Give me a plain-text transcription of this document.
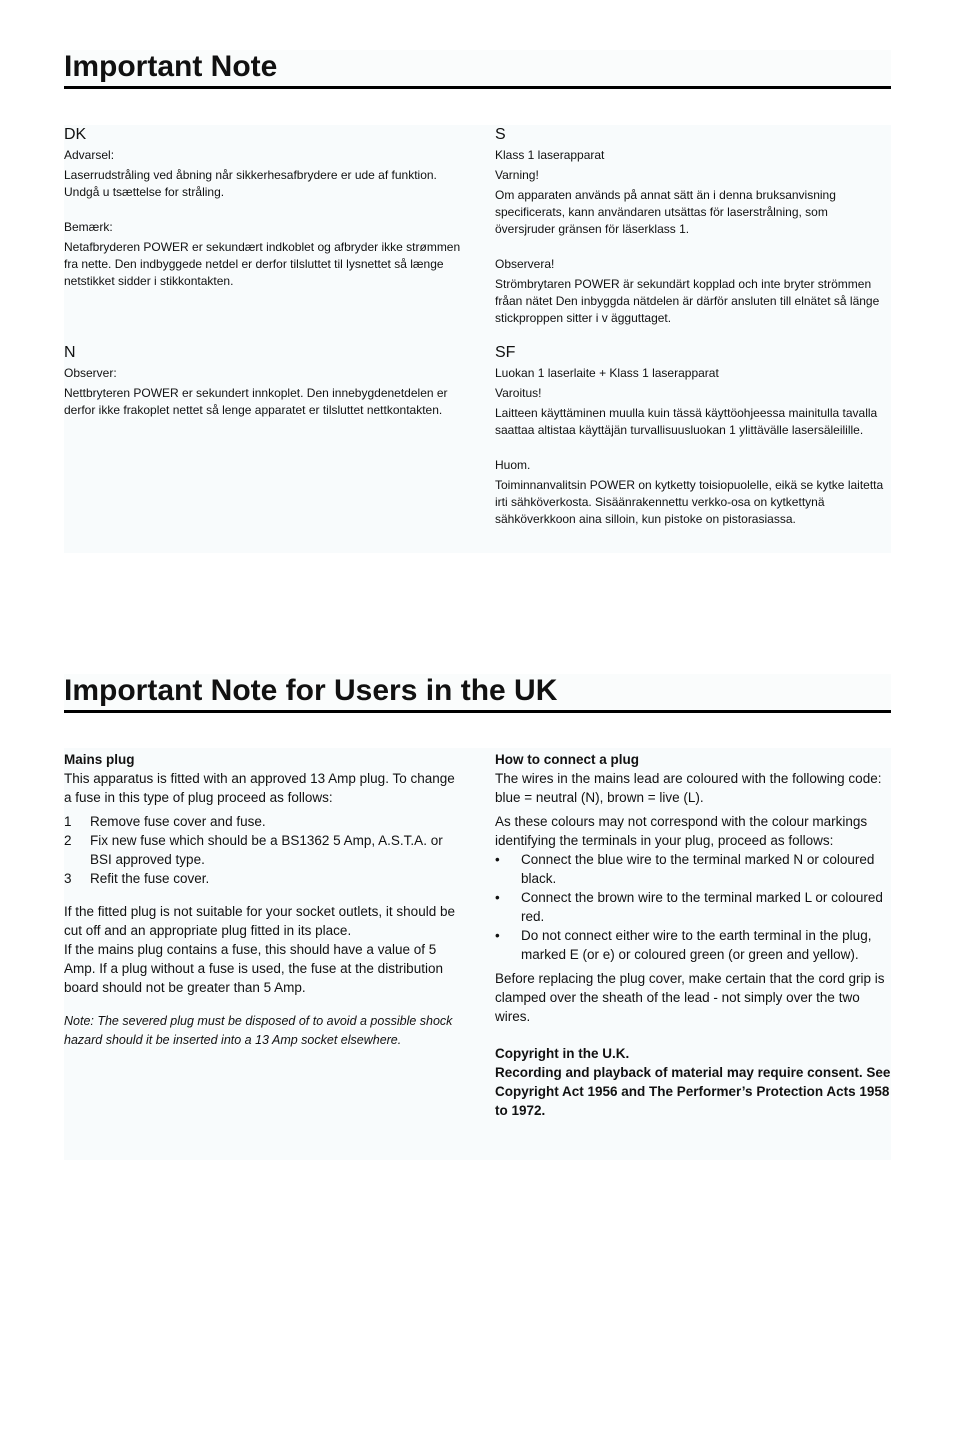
Important Note
DK

Advarsel:

Laserrudstråling ved åbning når sikkerhesafbrydere er ude af funktion. Undgå u tsættelse for stråling.

Bemærk:

Netafbryderen POWER er sekundært indkoblet og afbryder ikke strømmen fra nette. Den indbyggede netdel er derfor tilsluttet til lysnettet så længe netstikket sidder i stikkontakten.

N

Observer:

Nettbryteren POWER er sekundert innkoplet. Den innebygdenetdelen er derfor ikke frakoplet nettet så lenge apparatet er tilsluttet nettkontakten.

S

Klass 1 laserapparat

Varning!

Om apparaten används på annat sätt än i denna bruksanvisning specificerats, kann användaren utsättas för laserstrålning, som översjruder gränsen för läserklass 1.

Observera!

Strömbrytaren POWER är sekundärt kopplad och inte bryter strömmen fråan nätet Den inbyggda nätdelen är därför ansluten till elnätet så länge stickproppen sitter i v ägguttaget.

SF

Luokan 1 laserlaite + Klass 1 laserapparat

Varoitus!

Laitteen käyttäminen muulla kuin tässä käyttöohjeessa mainitulla tavalla saattaa altistaa käyttäjän turvallisuusluokan 1 ylittävälle lasersäleilille.

Huom.

Toiminnanvalitsin POWER on kytketty toisiopuolelle, eikä se kytke laitetta irti sähköverkosta. Sisäänrakennettu verkko-osa on kytkettynä sähköverkkoon aina silloin, kun pistoke on pistorasiassa.

Important Note for Users in the UK

Mains plug

This apparatus is fitted with an approved 13 Amp plug. To change a fuse in this type of plug proceed as follows:

1 Remove fuse cover and fuse.
2 Fix new fuse which should be a BS1362 5 Amp, A.S.T.A. or BSI approved type.
3 Refit the fuse cover.

If the fitted plug is not suitable for your socket outlets, it should be cut off and an appropriate plug fitted in its place.

If the mains plug contains a fuse, this should have a value of 5 Amp. If a plug without a fuse is used, the fuse at the distribution board should not be greater than 5 Amp.

Note: The severed plug must be disposed of to avoid a possible shock hazard should it be inserted into a 13 Amp socket elsewhere.

How to connect a plug

The wires in the mains lead are coloured with the following code: blue = neutral (N), brown = live (L).

As these colours may not correspond with the colour markings identifying the terminals in your plug, proceed as follows:

• Connect the blue wire to the terminal marked N or coloured black.
• Connect the brown wire to the terminal marked L or coloured red.
• Do not connect either wire to the earth terminal in the plug, marked E (or e) or coloured green (or green and yellow).

Before replacing the plug cover, make certain that the cord grip is clamped over the sheath of the lead - not simply over the two wires.

Copyright in the U.K.

Recording and playback of material may require consent. See Copyright Act 1956 and The Performer’s Protection Acts 1958 to 1972.
